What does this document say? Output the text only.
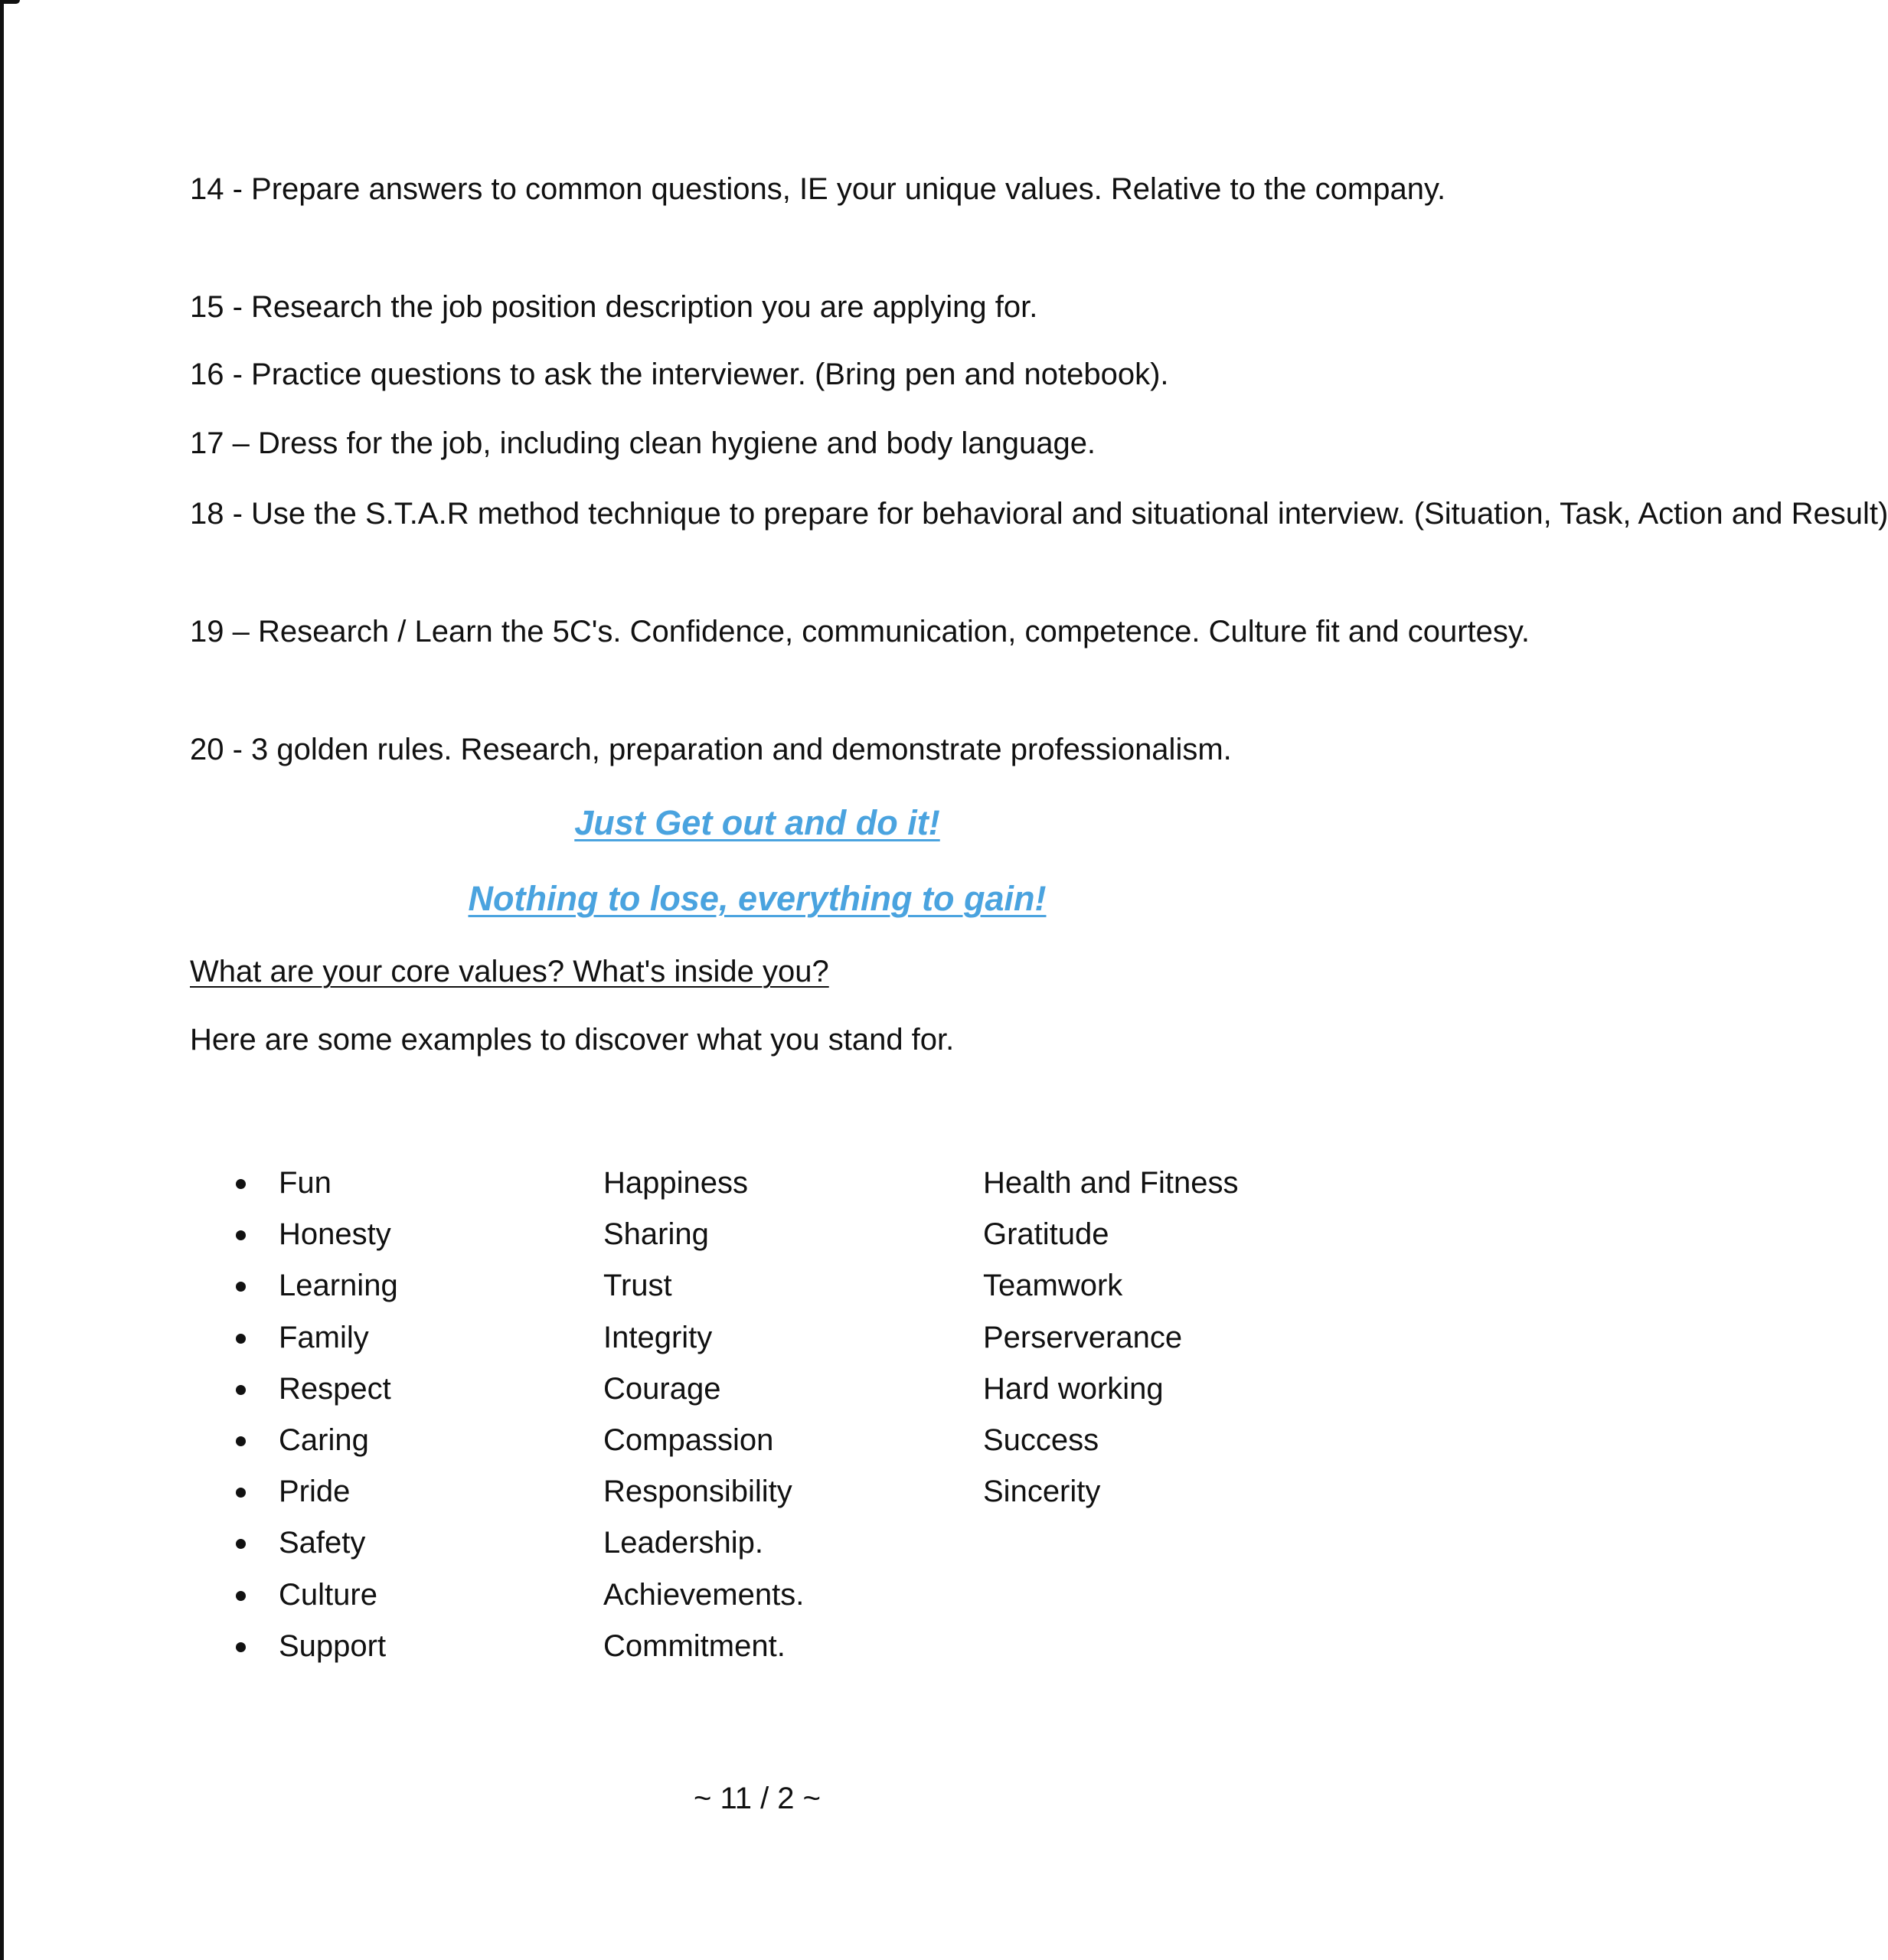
14 - Prepare answers to common questions, IE your unique values. Relative to the company.

15 - Research the job position description you are applying for.

16 - Practice questions to ask the interviewer. (Bring pen and notebook).

17 – Dress for the job, including clean hygiene and body language.

18 - Use the S.T.A.R method technique to prepare for behavioral and situational interview. (Situation, Task, Action and Result)

19 – Research / Learn the 5C's. Confidence, communication, competence. Culture fit and courtesy.

20 - 3 golden rules. Research, preparation and demonstrate professionalism.

Just Get out and do it!

Nothing to lose, everything to gain!

What are your core values? What's inside you?

Here are some examples to discover what you stand for.

Fun
Honesty
Learning
Family
Respect
Caring
Pride
Safety
Culture
Support
Happiness
Sharing
Trust
Integrity
Courage
Compassion
Responsibility
Leadership.
Achievements.
Commitment.
Health and Fitness
Gratitude
Teamwork
Perserverance
Hard working
Success
Sincerity

~ 11 / 2 ~
